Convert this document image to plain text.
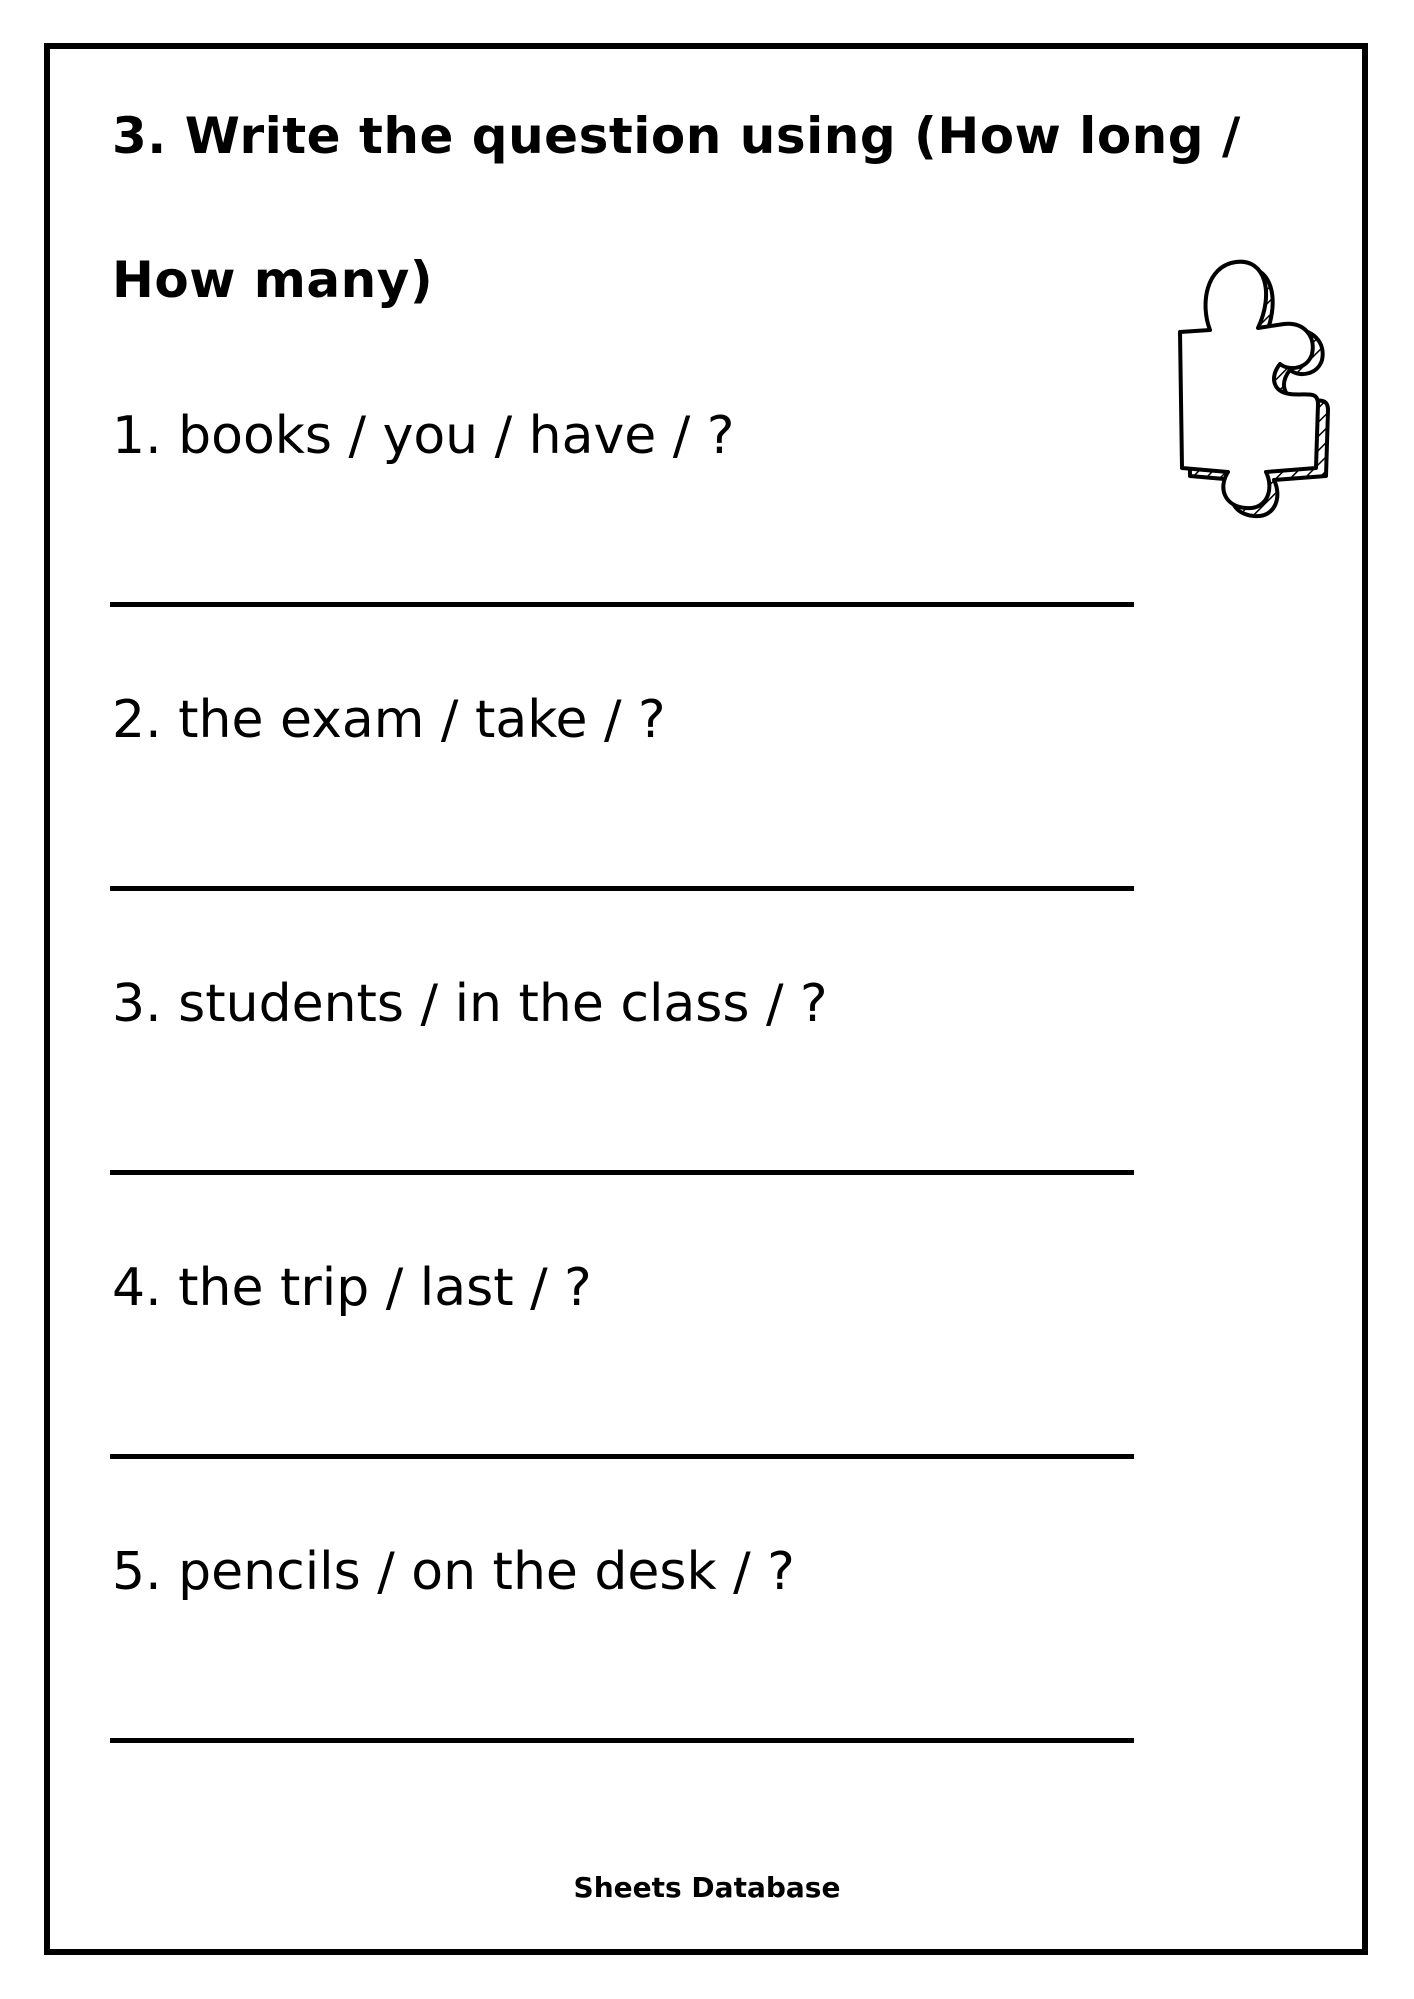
3. Write the question using (How long / How many)
1. books / you / have / ?
2. the exam / take / ?
3. students / in the class / ?
4. the trip / last / ?
5. pencils / on the desk / ?
Sheets Database
